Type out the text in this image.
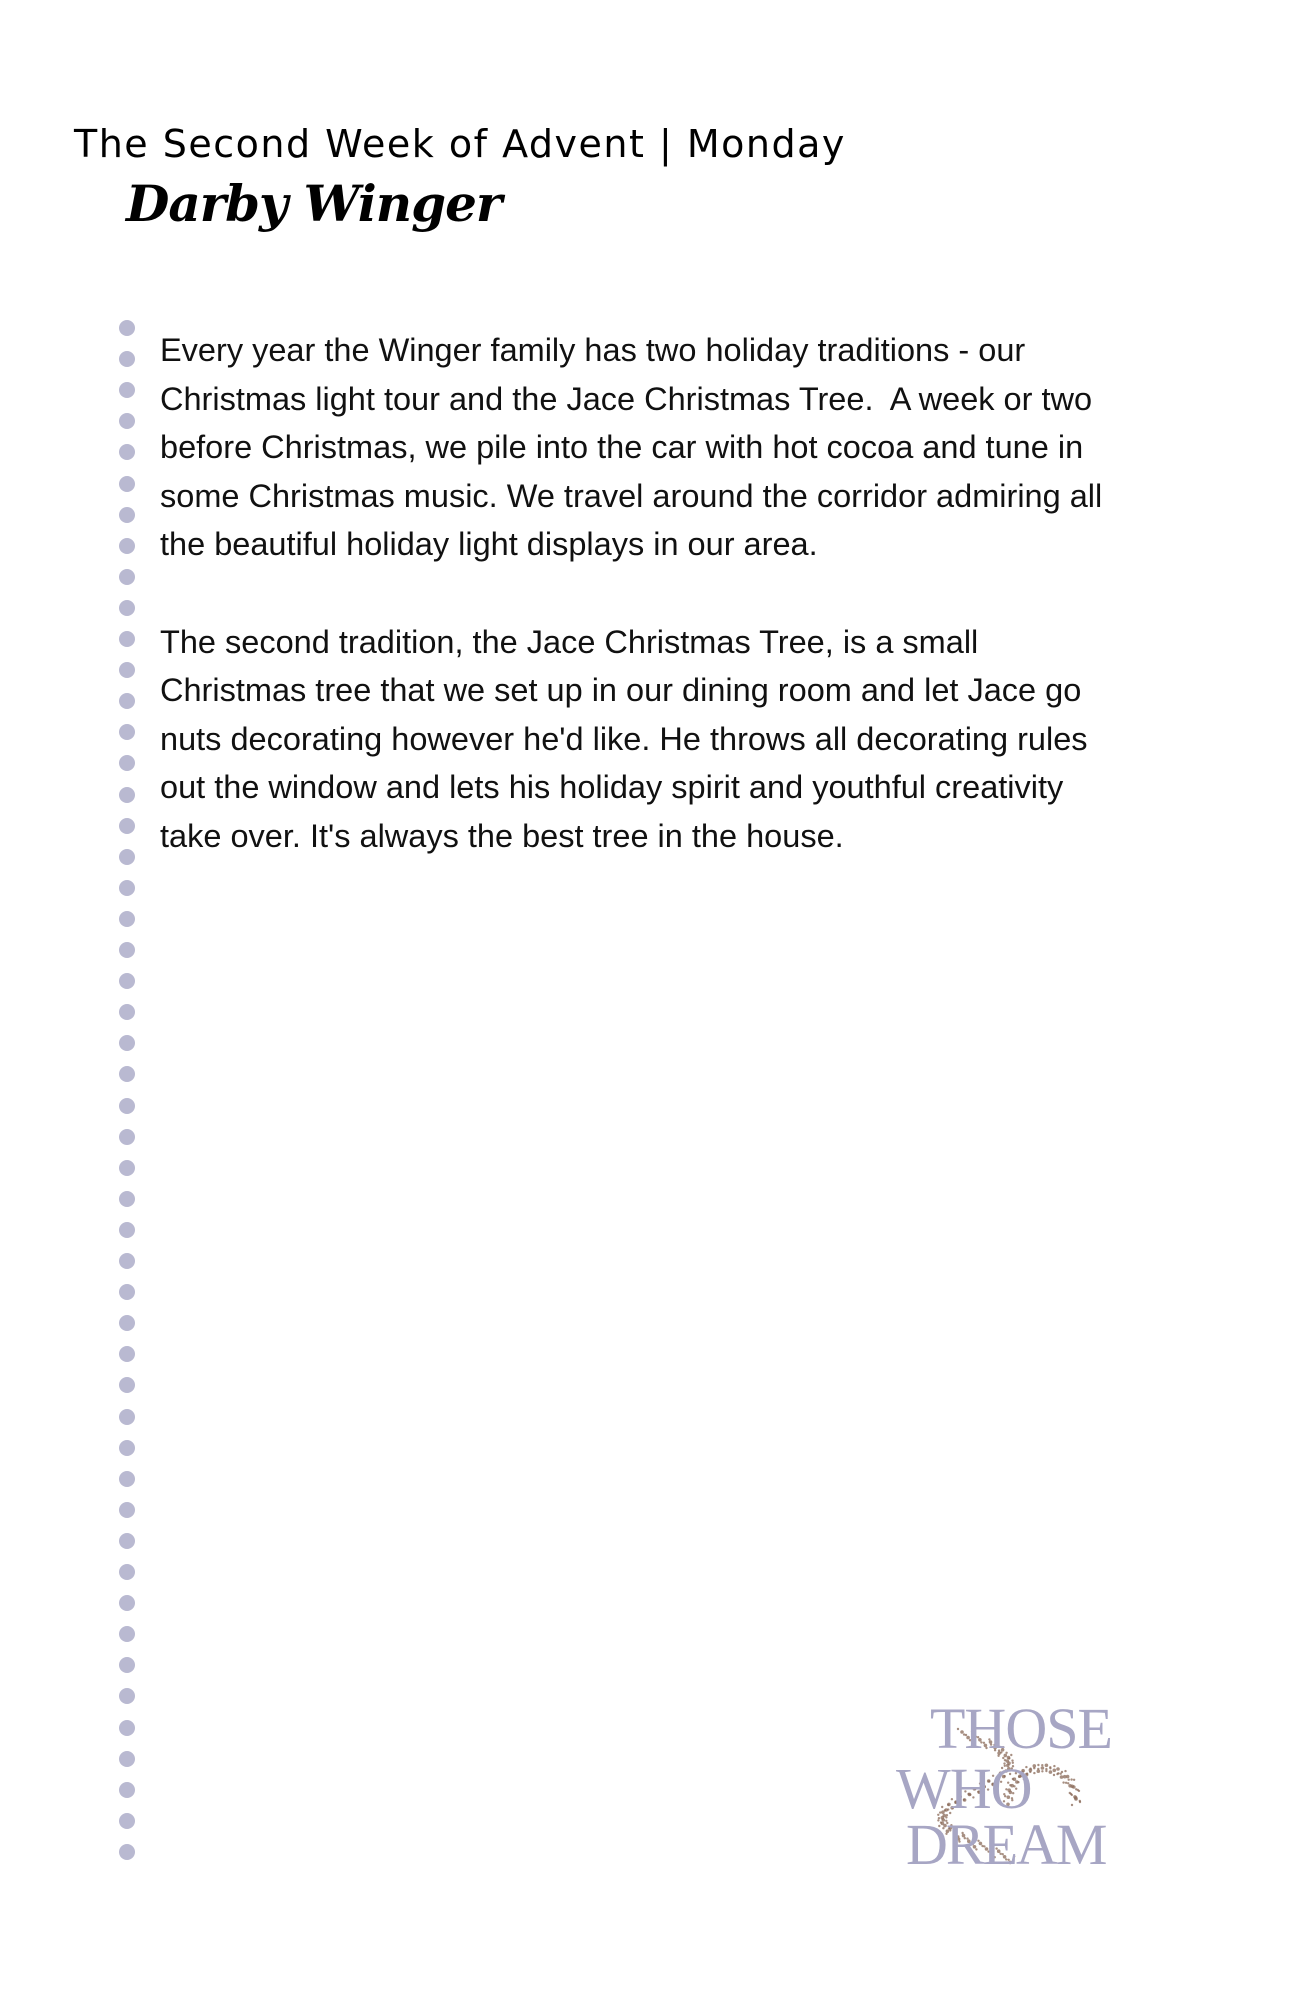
The Second Week of Advent | Monday
Darby Winger

Every year the Winger family has two holiday traditions - our
Christmas light tour and the Jace Christmas Tree.  A week or two
before Christmas, we pile into the car with hot cocoa and tune in
some Christmas music. We travel around the corridor admiring all
the beautiful holiday light displays in our area.

The second tradition, the Jace Christmas Tree, is a small
Christmas tree that we set up in our dining room and let Jace go
nuts decorating however he'd like. He throws all decorating rules
out the window and lets his holiday spirit and youthful creativity
take over. It's always the best tree in the house.

THOSE
WHO
DREAM
